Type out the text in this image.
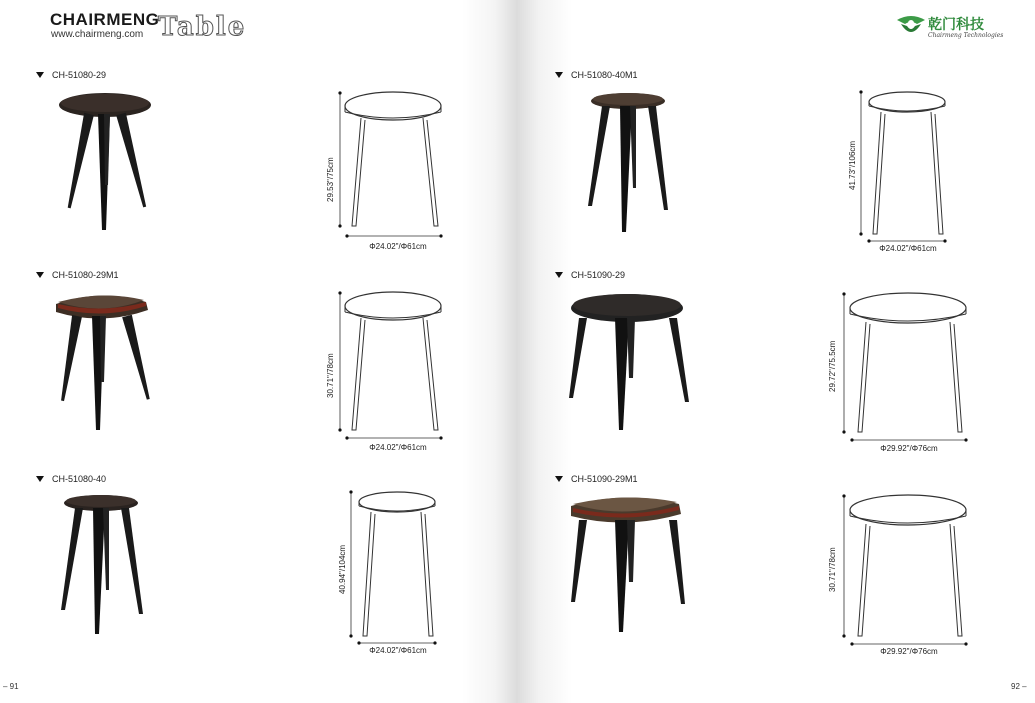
CHAIRMENG
www.chairmeng.com Table	乾门科技
Chairmeng Technologies
CH-51080-29
29.53"/75cm
Φ24.02"/Φ61cm
CH-51080-29M1
30.71"/78cm
Φ24.02"/Φ61cm
CH-51080-40
40.94"/104cm
Φ24.02"/Φ61cm
CH-51080-40M1
41.73"/106cm
Φ24.02"/Φ61cm
CH-51090-29
29.72"/75.5cm
Φ29.92"/Φ76cm
CH-51090-29M1
30.71"/78cm
Φ29.92"/Φ76cm
– 91	92 –
